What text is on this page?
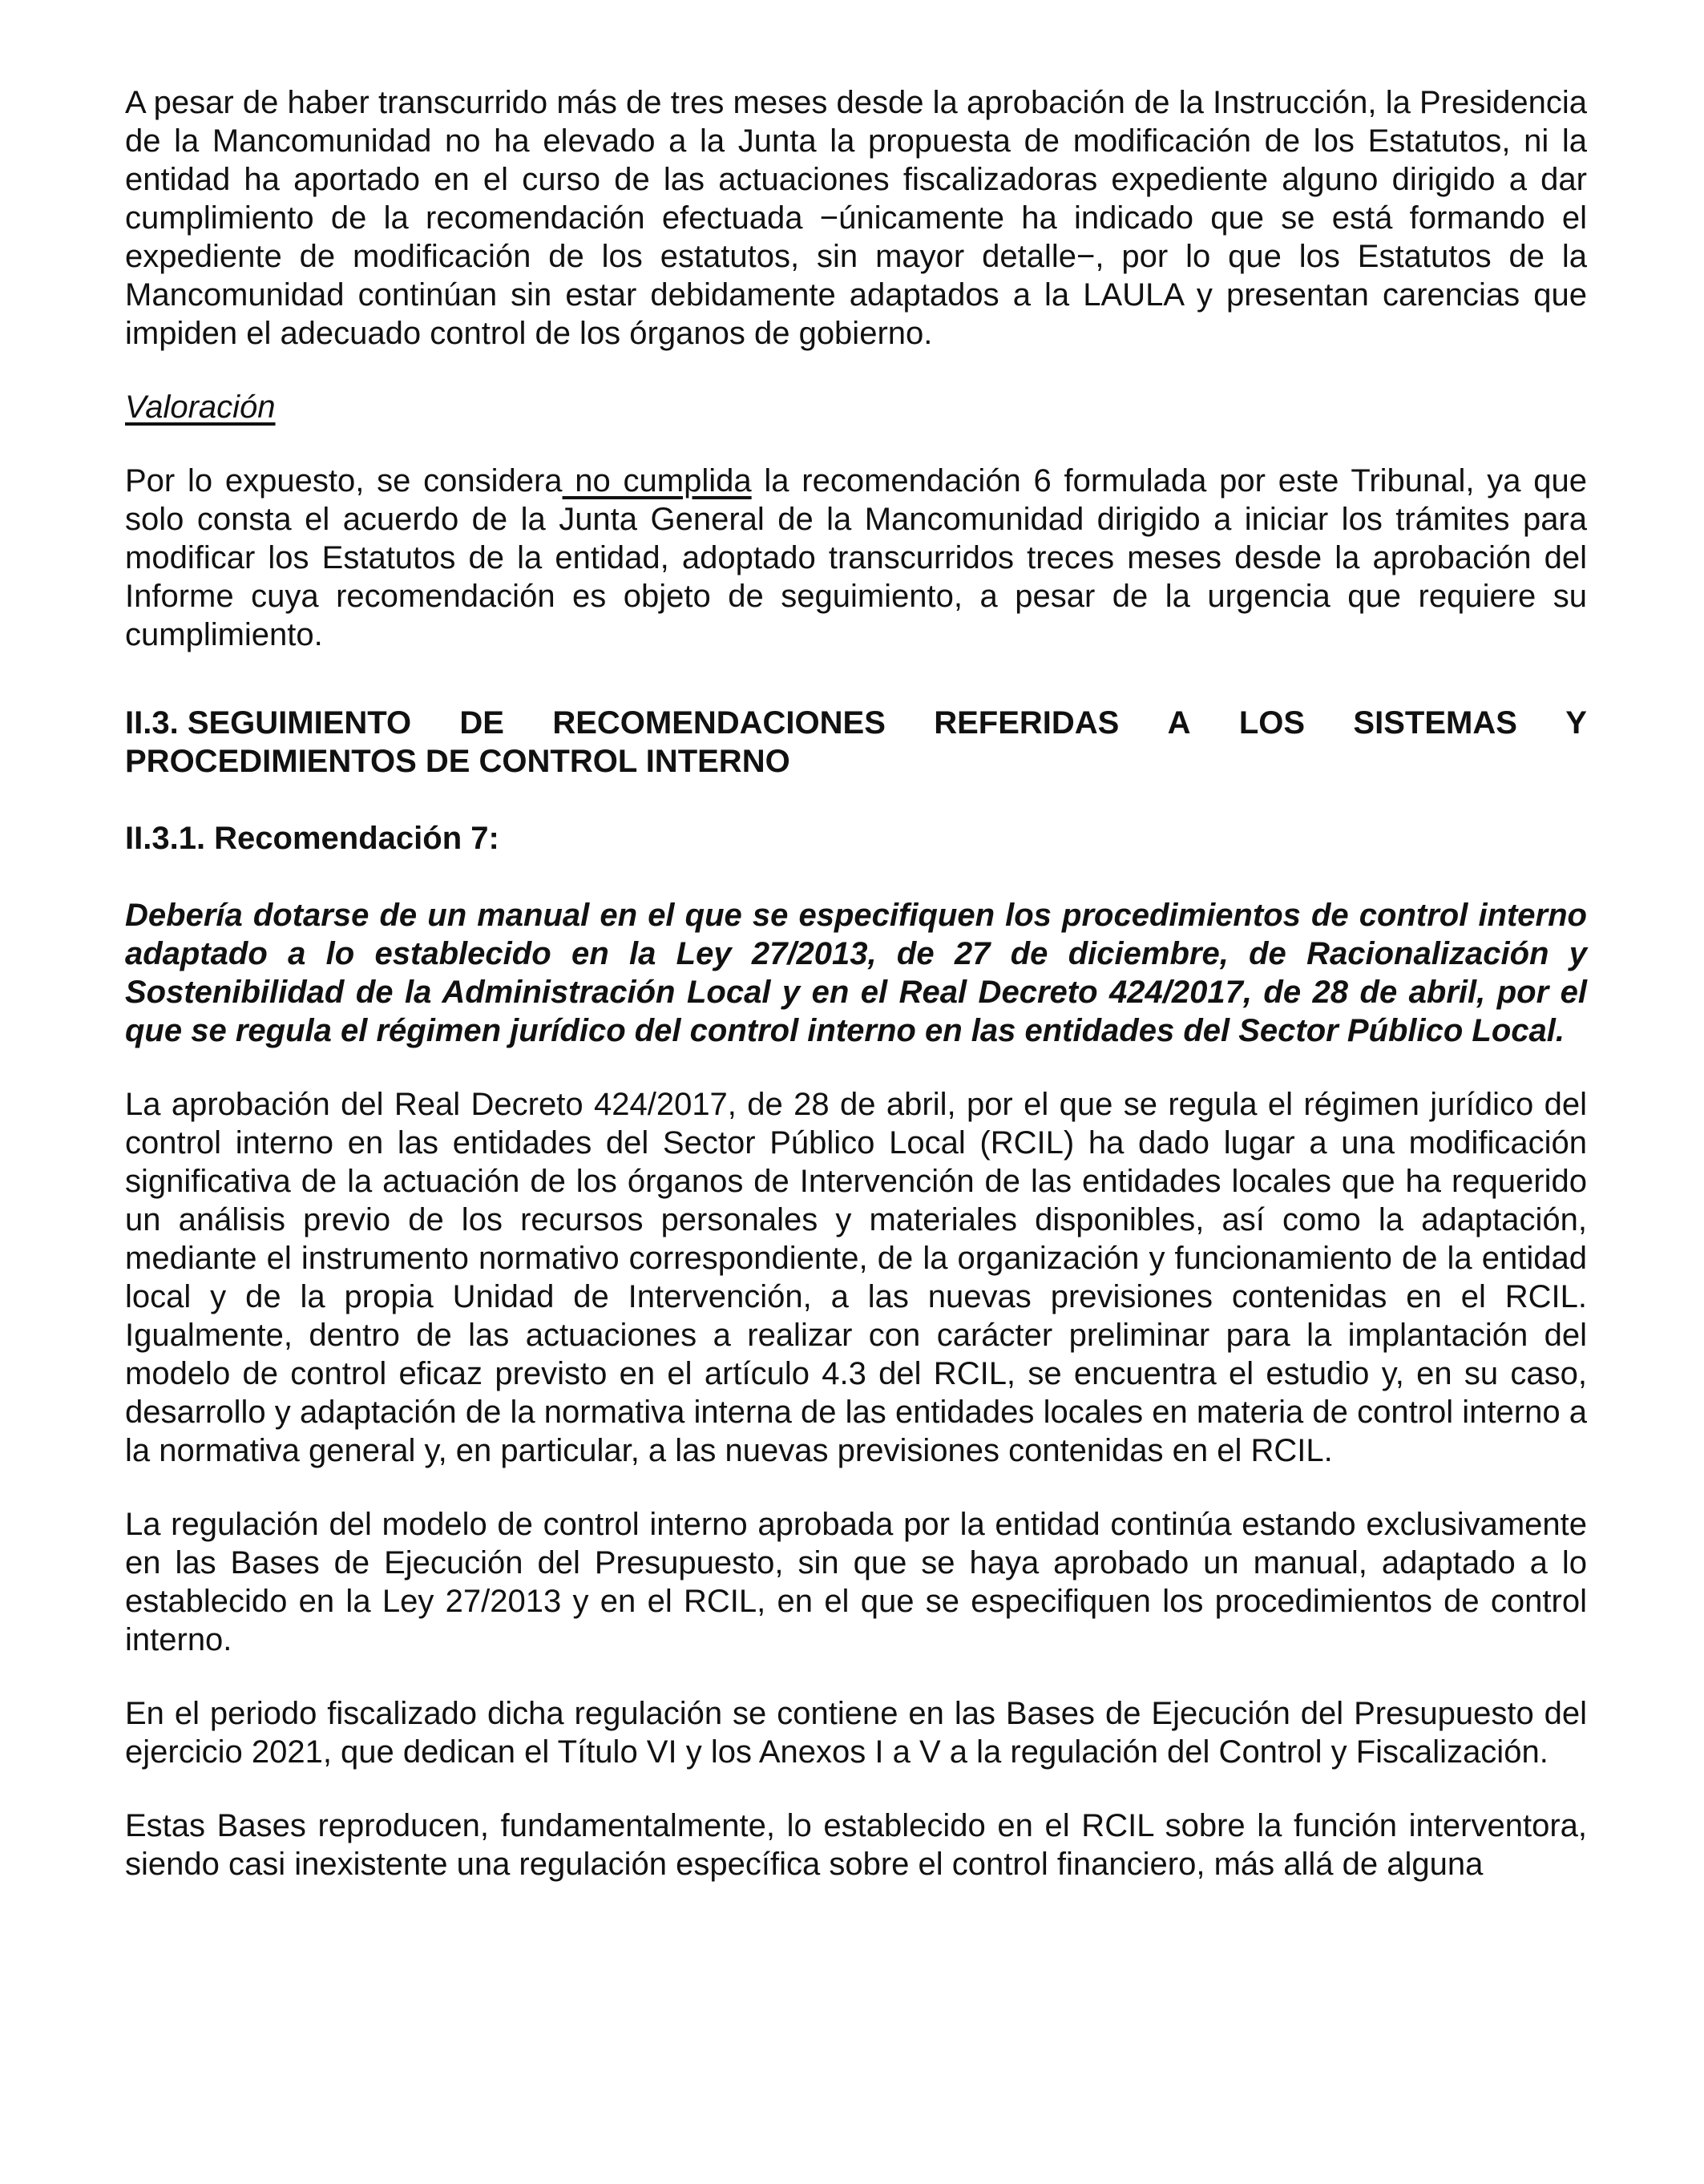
A pesar de haber transcurrido más de tres meses desde la aprobación de la Instrucción, la Presidencia de la Mancomunidad no ha elevado a la Junta la propuesta de modificación de los Estatutos, ni la entidad ha aportado en el curso de las actuaciones fiscalizadoras expediente alguno dirigido a dar cumplimiento de la recomendación efectuada −únicamente ha indicado que se está formando el expediente de modificación de los estatutos, sin mayor detalle−, por lo que los Estatutos de la Mancomunidad continúan sin estar debidamente adaptados a la LAULA y presentan carencias que impiden el adecuado control de los órganos de gobierno.

Valoración

Por lo expuesto, se considera no cumplida la recomendación 6 formulada por este Tribunal, ya que solo consta el acuerdo de la Junta General de la Mancomunidad dirigido a iniciar los trámites para modificar los Estatutos de la entidad, adoptado transcurridos treces meses desde la aprobación del Informe cuya recomendación es objeto de seguimiento, a pesar de la urgencia que requiere su cumplimiento.

II.3. SEGUIMIENTO DE RECOMENDACIONES REFERIDAS A LOS SISTEMAS Y
PROCEDIMIENTOS DE CONTROL INTERNO

II.3.1. Recomendación 7:

Debería dotarse de un manual en el que se especifiquen los procedimientos de control interno adaptado a lo establecido en la Ley 27/2013, de 27 de diciembre, de Racionalización y Sostenibilidad de la Administración Local y en el Real Decreto 424/2017, de 28 de abril, por el que se regula el régimen jurídico del control interno en las entidades del Sector Público Local.

La aprobación del Real Decreto 424/2017, de 28 de abril, por el que se regula el régimen jurídico del control interno en las entidades del Sector Público Local (RCIL) ha dado lugar a una modificación significativa de la actuación de los órganos de Intervención de las entidades locales que ha requerido un análisis previo de los recursos personales y materiales disponibles, así como la adaptación, mediante el instrumento normativo correspondiente, de la organización y funcionamiento de la entidad local y de la propia Unidad de Intervención, a las nuevas previsiones contenidas en el RCIL. Igualmente, dentro de las actuaciones a realizar con carácter preliminar para la implantación del modelo de control eficaz previsto en el artículo 4.3 del RCIL, se encuentra el estudio y, en su caso, desarrollo y adaptación de la normativa interna de las entidades locales en materia de control interno a la normativa general y, en particular, a las nuevas previsiones contenidas en el RCIL.

La regulación del modelo de control interno aprobada por la entidad continúa estando exclusivamente en las Bases de Ejecución del Presupuesto, sin que se haya aprobado un manual, adaptado a lo establecido en la Ley 27/2013 y en el RCIL, en el que se especifiquen los procedimientos de control interno.

En el periodo fiscalizado dicha regulación se contiene en las Bases de Ejecución del Presupuesto del ejercicio 2021, que dedican el Título VI y los Anexos I a V a la regulación del Control y Fiscalización.

Estas Bases reproducen, fundamentalmente, lo establecido en el RCIL sobre la función interventora, siendo casi inexistente una regulación específica sobre el control financiero, más allá de alguna
